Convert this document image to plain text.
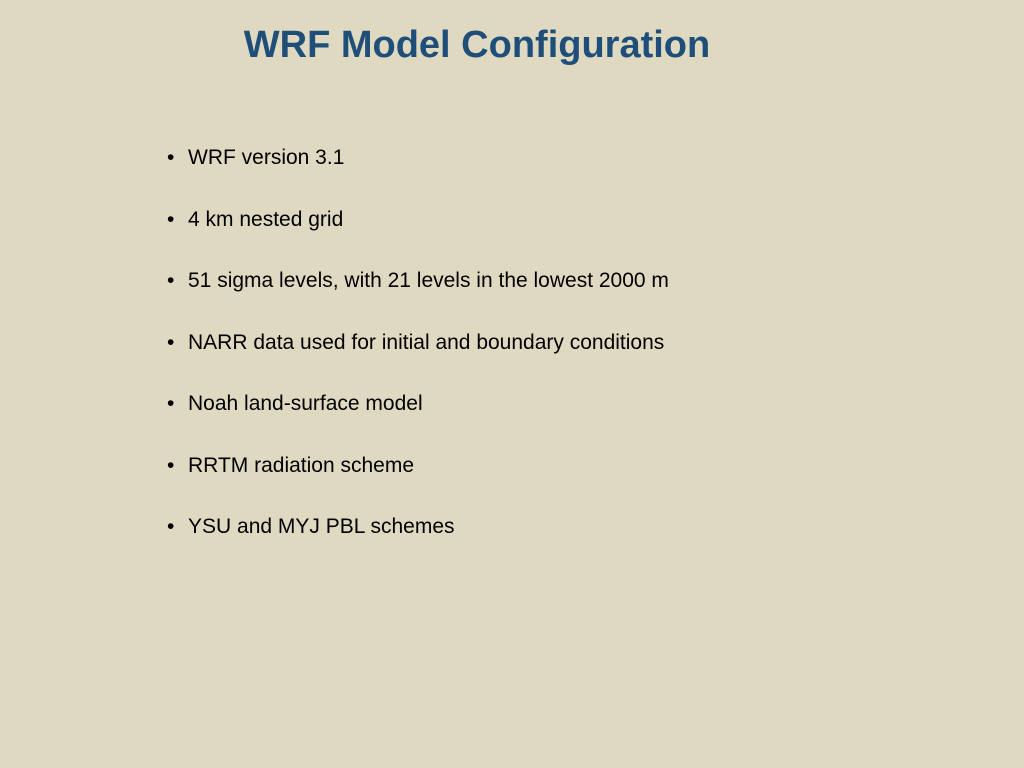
WRF Model Configuration
• WRF version 3.1
• 4 km nested grid
• 51 sigma levels, with 21 levels in the lowest 2000 m
• NARR data used for initial and boundary conditions
• Noah land-surface model
• RRTM radiation scheme
• YSU and MYJ PBL schemes
